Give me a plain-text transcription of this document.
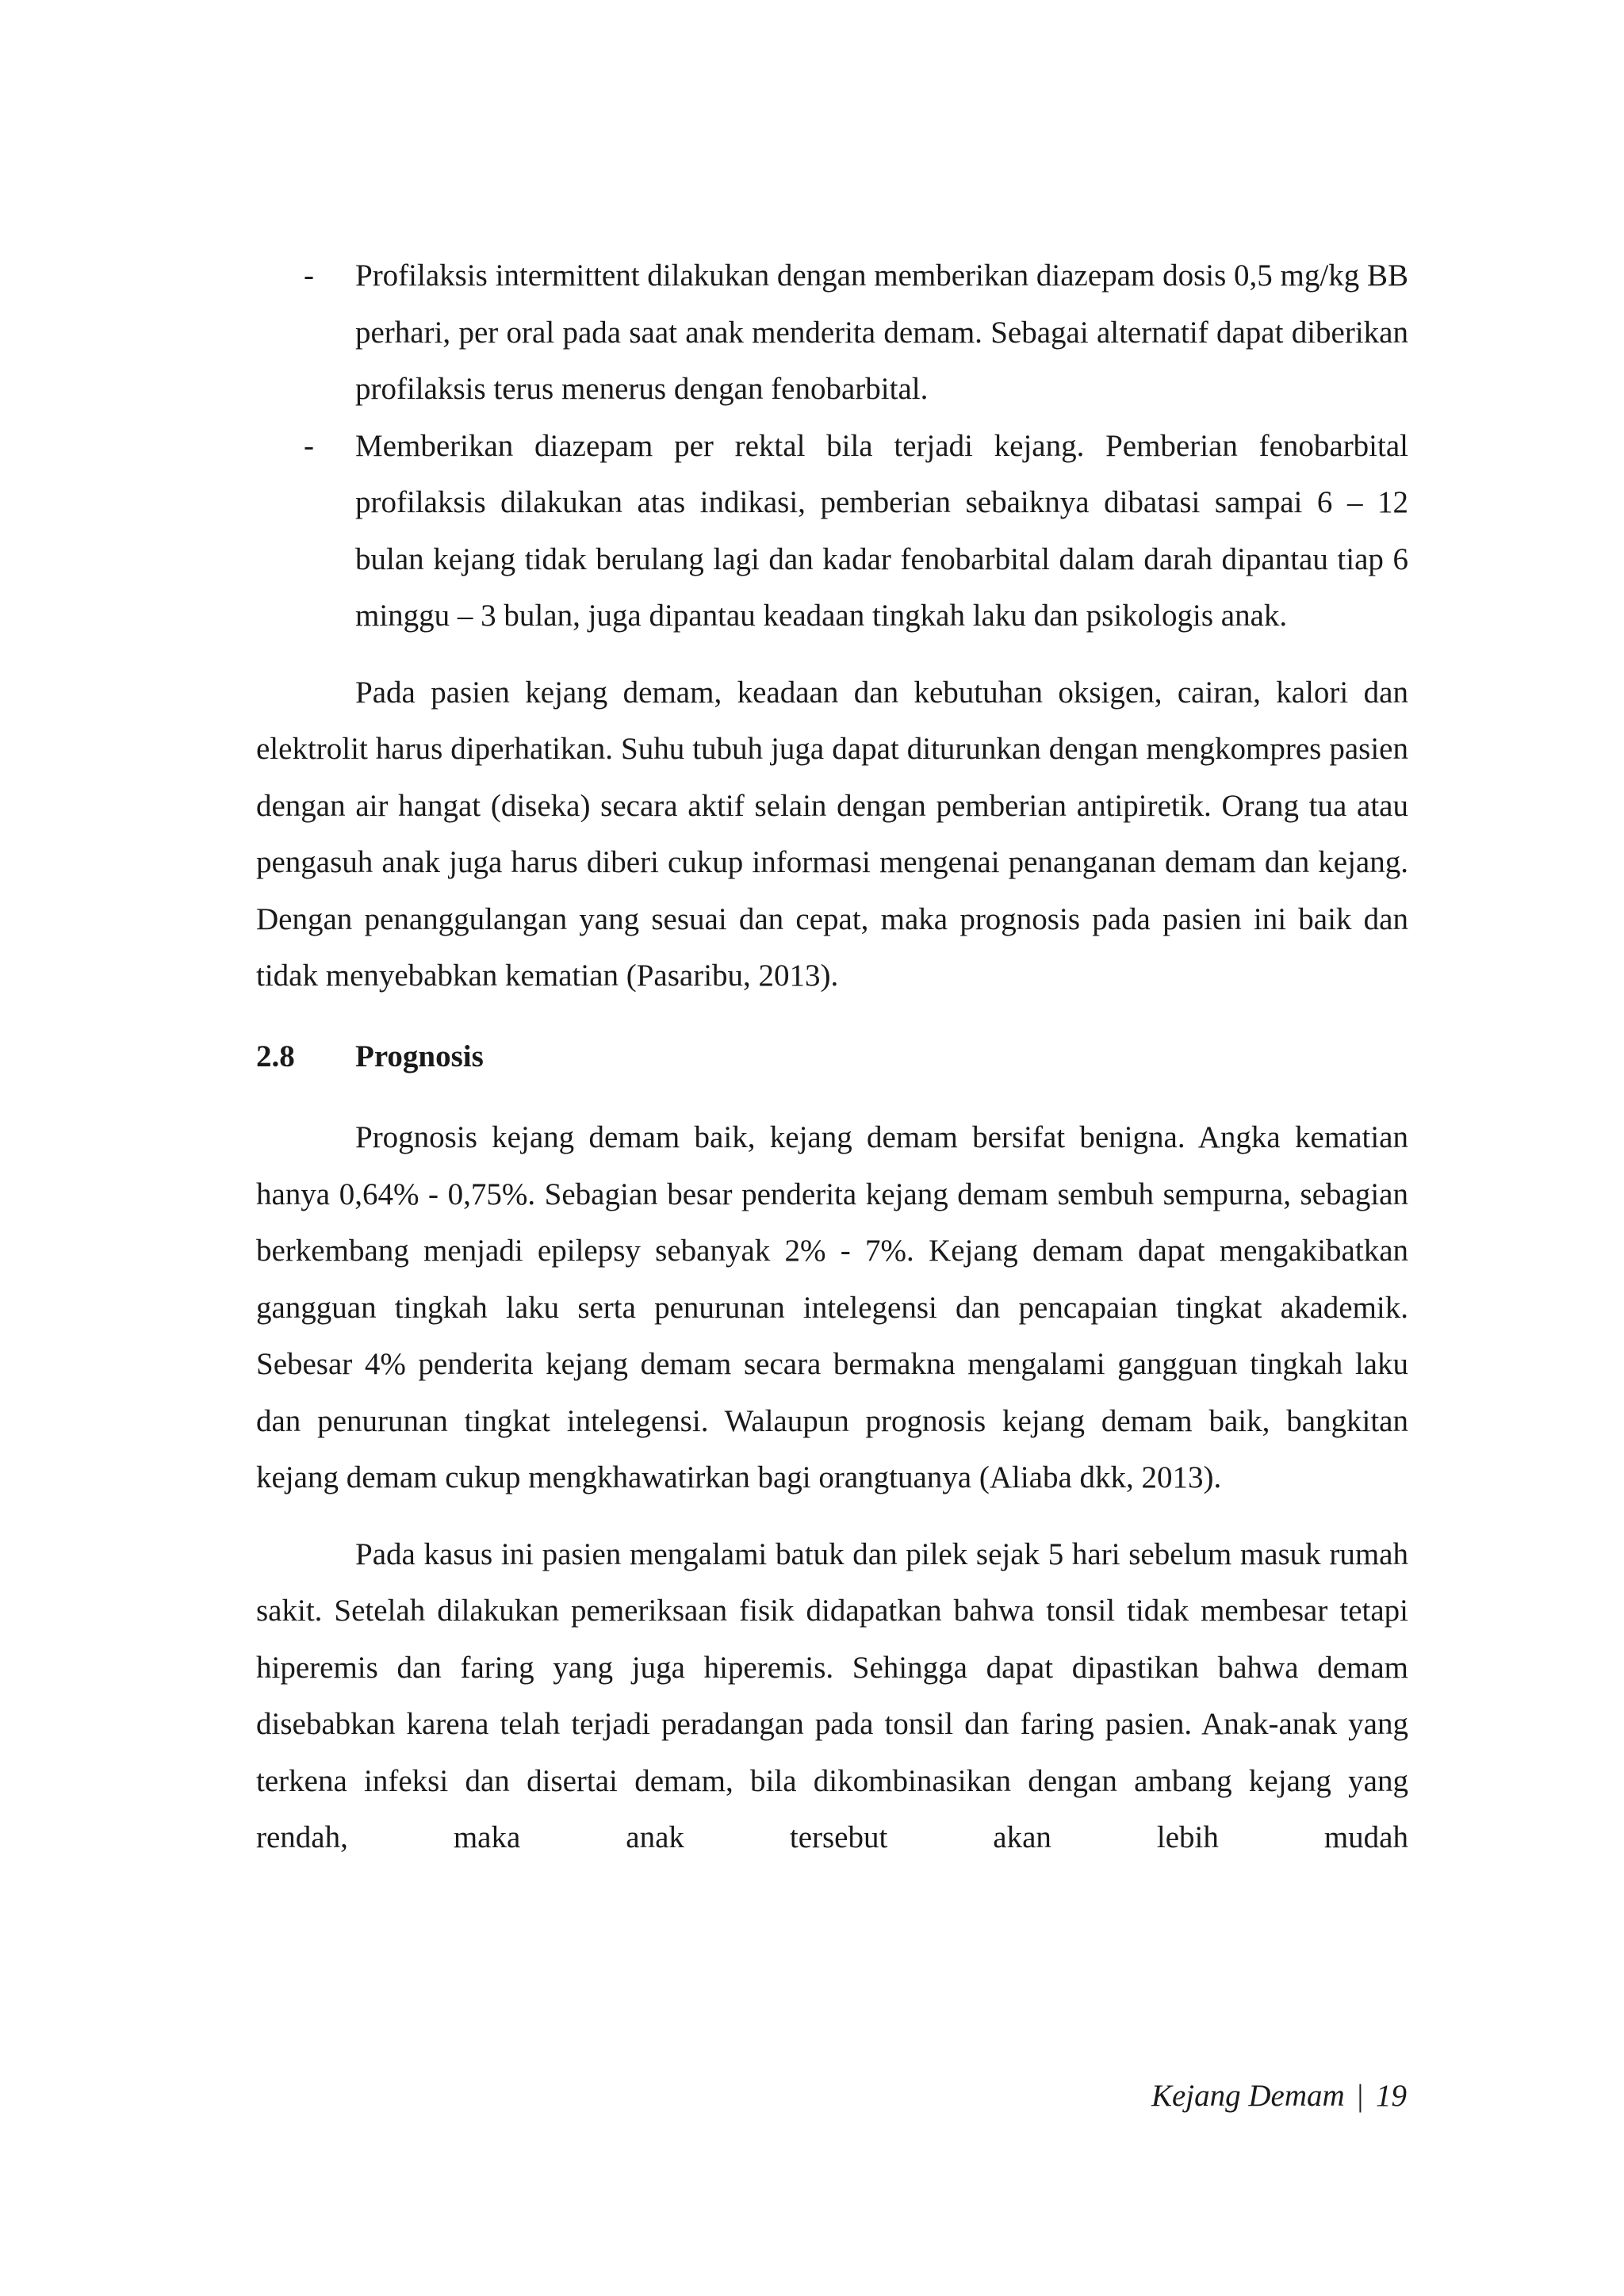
- Profilaksis intermittent dilakukan dengan memberikan diazepam dosis 0,5 mg/kg BB perhari, per oral pada saat anak menderita demam. Sebagai alternatif dapat diberikan profilaksis terus menerus dengan fenobarbital.
- Memberikan diazepam per rektal bila terjadi kejang. Pemberian fenobarbital profilaksis dilakukan atas indikasi, pemberian sebaiknya dibatasi sampai 6 – 12 bulan kejang tidak berulang lagi dan kadar fenobarbital dalam darah dipantau tiap 6 minggu – 3 bulan, juga dipantau keadaan tingkah laku dan psikologis anak.

Pada pasien kejang demam, keadaan dan kebutuhan oksigen, cairan, kalori dan elektrolit harus diperhatikan. Suhu tubuh juga dapat diturunkan dengan mengkompres pasien dengan air hangat (diseka) secara aktif selain dengan pemberian antipiretik. Orang tua atau pengasuh anak juga harus diberi cukup informasi mengenai penanganan demam dan kejang. Dengan penanggulangan yang sesuai dan cepat, maka prognosis pada pasien ini baik dan tidak menyebabkan kematian (Pasaribu, 2013).

2.8 Prognosis

Prognosis kejang demam baik, kejang demam bersifat benigna. Angka kematian hanya 0,64% - 0,75%. Sebagian besar penderita kejang demam sembuh sempurna, sebagian berkembang menjadi epilepsy sebanyak 2% - 7%. Kejang demam dapat mengakibatkan gangguan tingkah laku serta penurunan intelegensi dan pencapaian tingkat akademik. Sebesar 4% penderita kejang demam secara bermakna mengalami gangguan tingkah laku dan penurunan tingkat intelegensi. Walaupun prognosis kejang demam baik, bangkitan kejang demam cukup mengkhawatirkan bagi orangtuanya (Aliaba dkk, 2013).

Pada kasus ini pasien mengalami batuk dan pilek sejak 5 hari sebelum masuk rumah sakit. Setelah dilakukan pemeriksaan fisik didapatkan bahwa tonsil tidak membesar tetapi hiperemis dan faring yang juga hiperemis. Sehingga dapat dipastikan bahwa demam disebabkan karena telah terjadi peradangan pada tonsil dan faring pasien. Anak-anak yang terkena infeksi dan disertai demam, bila dikombinasikan dengan ambang kejang yang rendah, maka anak tersebut akan lebih mudah

Kejang Demam | 19
